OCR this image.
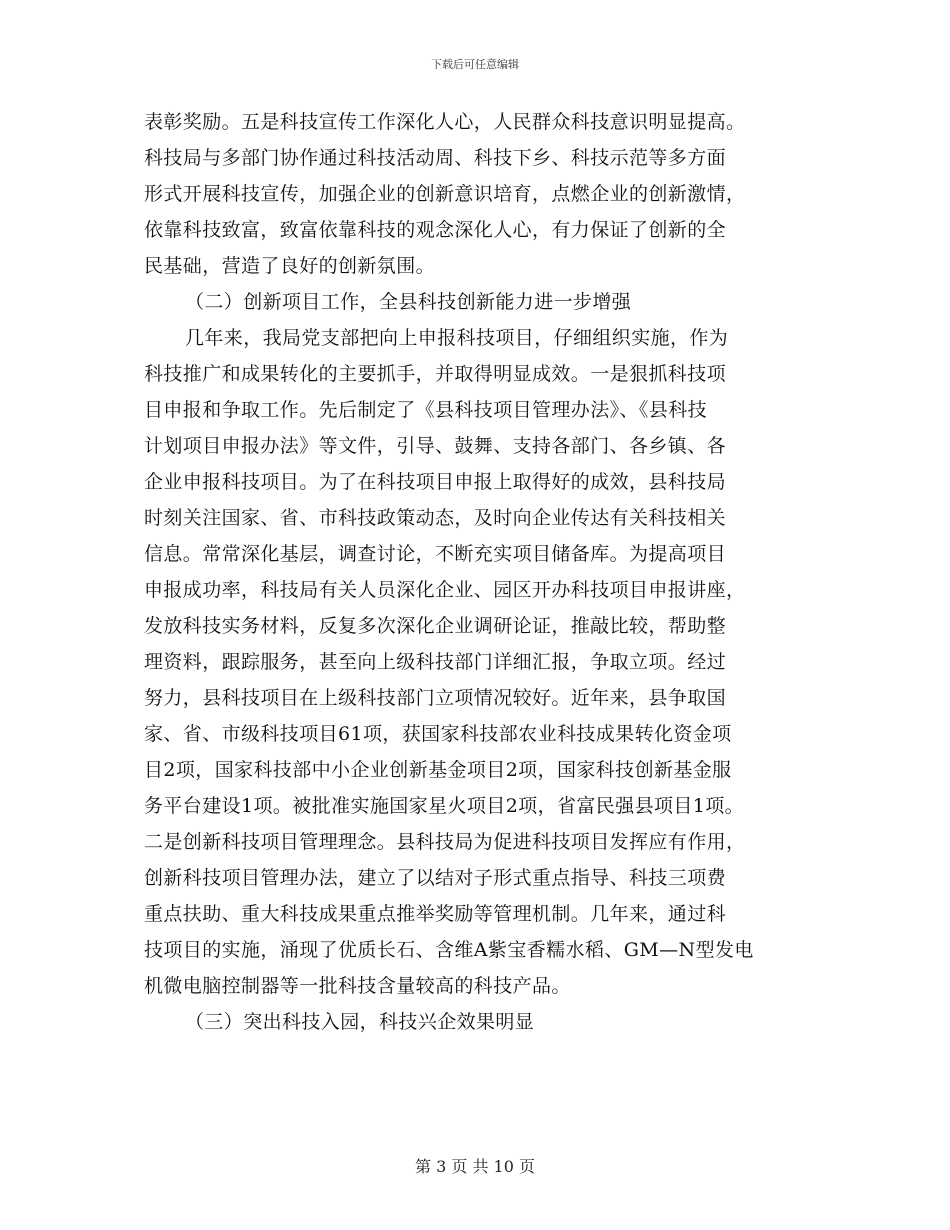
下载后可任意编辑
表彰奖励。五是科技宣传工作深化人心，人民群众科技意识明显提高。
科技局与多部门协作通过科技活动周、科技下乡、科技示范等多方面
形式开展科技宣传，加强企业的创新意识培育，点燃企业的创新激情，
依靠科技致富，致富依靠科技的观念深化人心，有力保证了创新的全
民基础，营造了良好的创新氛围。
（二）创新项目工作，全县科技创新能力进一步增强
几年来，我局党支部把向上申报科技项目，仔细组织实施，作为
科技推广和成果转化的主要抓手，并取得明显成效。一是狠抓科技项
目申报和争取工作。先后制定了《县科技项目管理办法》、《县科技
计划项目申报办法》等文件，引导、鼓舞、支持各部门、各乡镇、各
企业申报科技项目。为了在科技项目申报上取得好的成效，县科技局
时刻关注国家、省、市科技政策动态，及时向企业传达有关科技相关
信息。常常深化基层，调查讨论，不断充实项目储备库。为提高项目
申报成功率，科技局有关人员深化企业、园区开办科技项目申报讲座，
发放科技实务材料，反复多次深化企业调研论证，推敲比较，帮助整
理资料，跟踪服务，甚至向上级科技部门详细汇报，争取立项。经过
努力，县科技项目在上级科技部门立项情况较好。近年来，县争取国
家、省、市级科技项目61项，获国家科技部农业科技成果转化资金项
目2项，国家科技部中小企业创新基金项目2项，国家科技创新基金服
务平台建设1项。被批准实施国家星火项目2项，省富民强县项目1项。
二是创新科技项目管理理念。县科技局为促进科技项目发挥应有作用，
创新科技项目管理办法，建立了以结对子形式重点指导、科技三项费
重点扶助、重大科技成果重点推举奖励等管理机制。几年来，通过科
技项目的实施，涌现了优质长石、含维A紫宝香糯水稻、GM—N型发电
机微电脑控制器等一批科技含量较高的科技产品。
（三）突出科技入园，科技兴企效果明显
第 3 页 共 10 页
